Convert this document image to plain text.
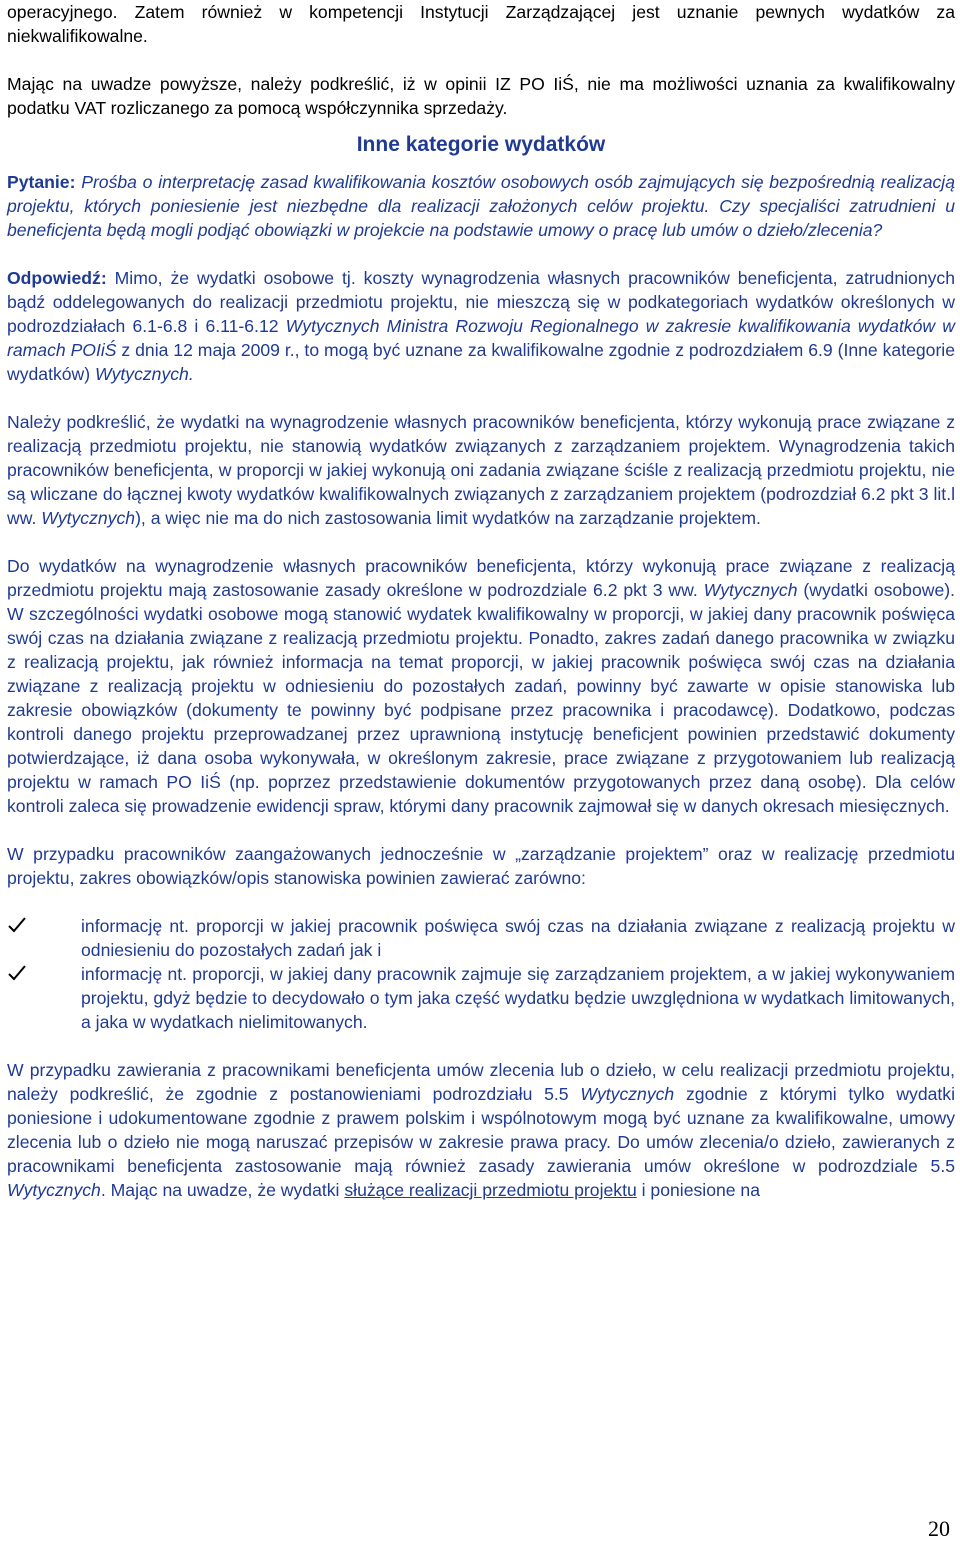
operacyjnego. Zatem również w kompetencji Instytucji Zarządzającej jest uznanie pewnych wydatków za niekwalifikowalne.

Mając na uwadze powyższe, należy podkreślić, iż w opinii IZ PO IiŚ, nie ma możliwości uznania za kwalifikowalny podatku VAT rozliczanego za pomocą współczynnika sprzedaży.

Inne kategorie wydatków

Pytanie: Prośba o interpretację zasad kwalifikowania kosztów osobowych osób zajmujących się bezpośrednią realizacją projektu, których poniesienie jest niezbędne dla realizacji założonych celów projektu. Czy specjaliści zatrudnieni u beneficjenta będą mogli podjąć obowiązki w projekcie na podstawie umowy o pracę lub umów o dzieło/zlecenia?

Odpowiedź: Mimo, że wydatki osobowe tj. koszty wynagrodzenia własnych pracowników beneficjenta, zatrudnionych bądź oddelegowanych do realizacji przedmiotu projektu, nie mieszczą się w podkategoriach wydatków określonych w podrozdziałach 6.1-6.8 i 6.11-6.12 Wytycznych Ministra Rozwoju Regionalnego w zakresie kwalifikowania wydatków w ramach POIiŚ z dnia 12 maja 2009 r., to mogą być uznane za kwalifikowalne zgodnie z podrozdziałem 6.9 (Inne kategorie wydatków) Wytycznych.

Należy podkreślić, że wydatki na wynagrodzenie własnych pracowników beneficjenta, którzy wykonują prace związane z realizacją przedmiotu projektu, nie stanowią wydatków związanych z zarządzaniem projektem. Wynagrodzenia takich pracowników beneficjenta, w proporcji w jakiej wykonują oni zadania związane ściśle z realizacją przedmiotu projektu, nie są wliczane do łącznej kwoty wydatków kwalifikowalnych związanych z zarządzaniem projektem (podrozdział 6.2 pkt 3 lit.l ww. Wytycznych), a więc nie ma do nich zastosowania limit wydatków na zarządzanie projektem.

Do wydatków na wynagrodzenie własnych pracowników beneficjenta, którzy wykonują prace związane z realizacją przedmiotu projektu mają zastosowanie zasady określone w podrozdziale 6.2 pkt 3 ww. Wytycznych (wydatki osobowe). W szczególności wydatki osobowe mogą stanowić wydatek kwalifikowalny w proporcji, w jakiej dany pracownik poświęca swój czas na działania związane z realizacją przedmiotu projektu. Ponadto, zakres zadań danego pracownika w związku z realizacją projektu, jak również informacja na temat proporcji, w jakiej pracownik poświęca swój czas na działania związane z realizacją projektu w odniesieniu do pozostałych zadań, powinny być zawarte w opisie stanowiska lub zakresie obowiązków (dokumenty te powinny być podpisane przez pracownika i pracodawcę). Dodatkowo, podczas kontroli danego projektu przeprowadzanej przez uprawnioną instytucję beneficjent powinien przedstawić dokumenty potwierdzające, iż dana osoba wykonywała, w określonym zakresie, prace związane z przygotowaniem lub realizacją projektu w ramach PO IiŚ (np. poprzez przedstawienie dokumentów przygotowanych przez daną osobę). Dla celów kontroli zaleca się prowadzenie ewidencji spraw, którymi dany pracownik zajmował się w danych okresach miesięcznych.

W przypadku pracowników zaangażowanych jednocześnie w „zarządzanie projektem” oraz w realizację przedmiotu projektu, zakres obowiązków/opis stanowiska powinien zawierać zarówno:

informację nt. proporcji w jakiej pracownik poświęca swój czas na działania związane z realizacją projektu w odniesieniu do pozostałych zadań jak i
informację nt. proporcji, w jakiej dany pracownik zajmuje się zarządzaniem projektem, a w jakiej wykonywaniem projektu, gdyż będzie to decydowało o tym jaka część wydatku będzie uwzględniona w wydatkach limitowanych, a jaka w wydatkach nielimitowanych.

W przypadku zawierania z pracownikami beneficjenta umów zlecenia lub o dzieło, w celu realizacji przedmiotu projektu, należy podkreślić, że zgodnie z postanowieniami podrozdziału 5.5 Wytycznych zgodnie z którymi tylko wydatki poniesione i udokumentowane zgodnie z prawem polskim i wspólnotowym mogą być uznane za kwalifikowalne, umowy zlecenia lub o dzieło nie mogą naruszać przepisów w zakresie prawa pracy. Do umów zlecenia/o dzieło, zawieranych z pracownikami beneficjenta zastosowanie mają również zasady zawierania umów określone w podrozdziale 5.5 Wytycznych. Mając na uwadze, że wydatki służące realizacji przedmiotu projektu i poniesione na

20
